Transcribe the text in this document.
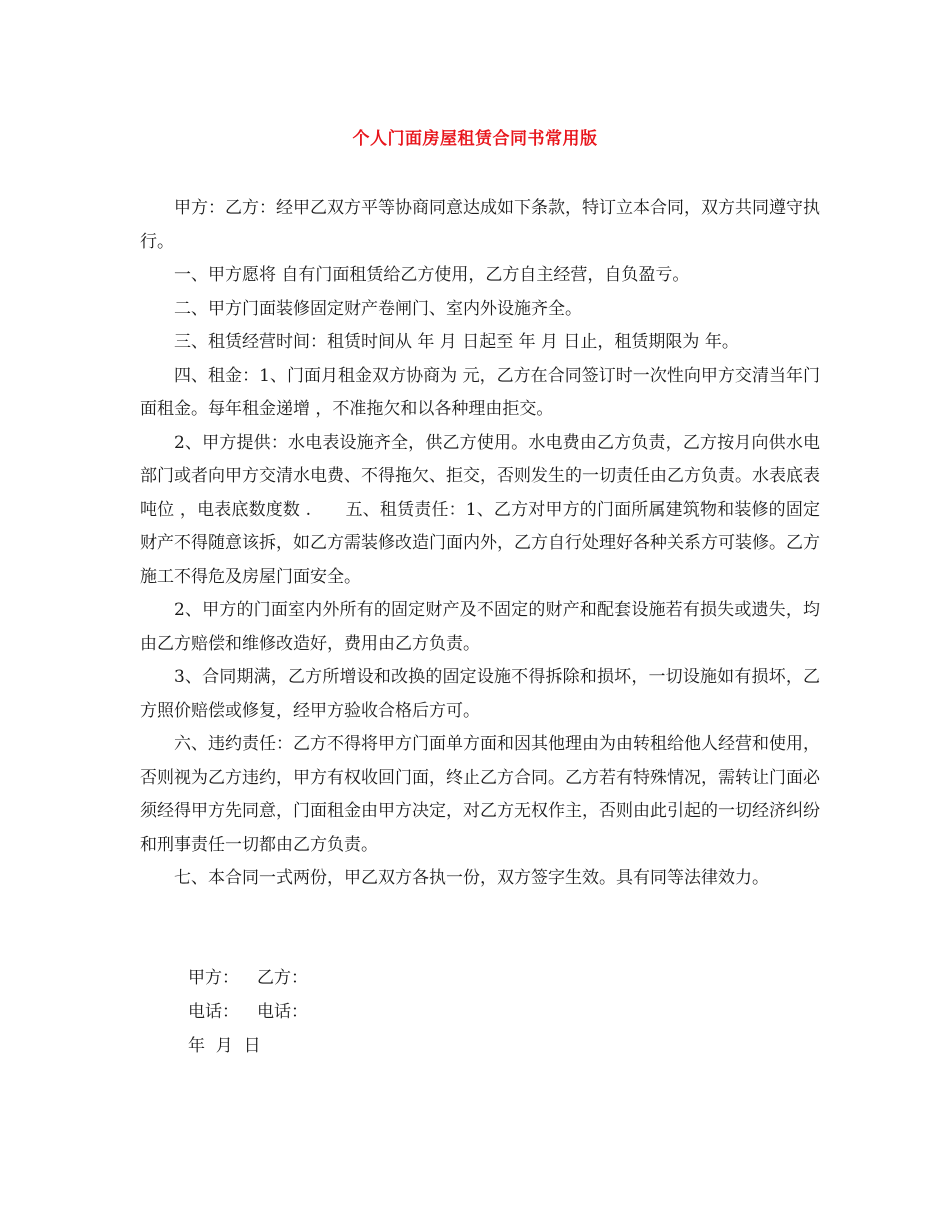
个人门面房屋租赁合同书常用版

甲方：乙方：经甲乙双方平等协商同意达成如下条款，特订立本合同，双方共同遵守执行。

一、甲方愿将 自有门面租赁给乙方使用，乙方自主经营，自负盈亏。

二、甲方门面装修固定财产卷闸门、室内外设施齐全。

三、租赁经营时间：租赁时间从 年 月 日起至 年 月 日止，租赁期限为 年。

四、租金：1、门面月租金双方协商为 元，乙方在合同签订时一次性向甲方交清当年门面租金。每年租金递增 ，不准拖欠和以各种理由拒交。

2、甲方提供：水电表设施齐全，供乙方使用。水电费由乙方负责，乙方按月向供水电部门或者向甲方交清水电费、不得拖欠、拒交，否则发生的一切责任由乙方负责。水表底表吨位 ，电表底数度数 .　　五、租赁责任：1、乙方对甲方的门面所属建筑物和装修的固定财产不得随意该拆，如乙方需装修改造门面内外，乙方自行处理好各种关系方可装修。乙方施工不得危及房屋门面安全。

2、甲方的门面室内外所有的固定财产及不固定的财产和配套设施若有损失或遗失，均由乙方赔偿和维修改造好，费用由乙方负责。

3、合同期满，乙方所增设和改换的固定设施不得拆除和损坏，一切设施如有损坏，乙方照价赔偿或修复，经甲方验收合格后方可。

六、违约责任：乙方不得将甲方门面单方面和因其他理由为由转租给他人经营和使用，否则视为乙方违约，甲方有权收回门面，终止乙方合同。乙方若有特殊情况，需转让门面必须经得甲方先同意，门面租金由甲方决定，对乙方无权作主，否则由此引起的一切经济纠纷和刑事责任一切都由乙方负责。

七、本合同一式两份，甲乙双方各执一份，双方签字生效。具有同等法律效力。

甲方： 乙方：
电话： 电话：
年  月  日
